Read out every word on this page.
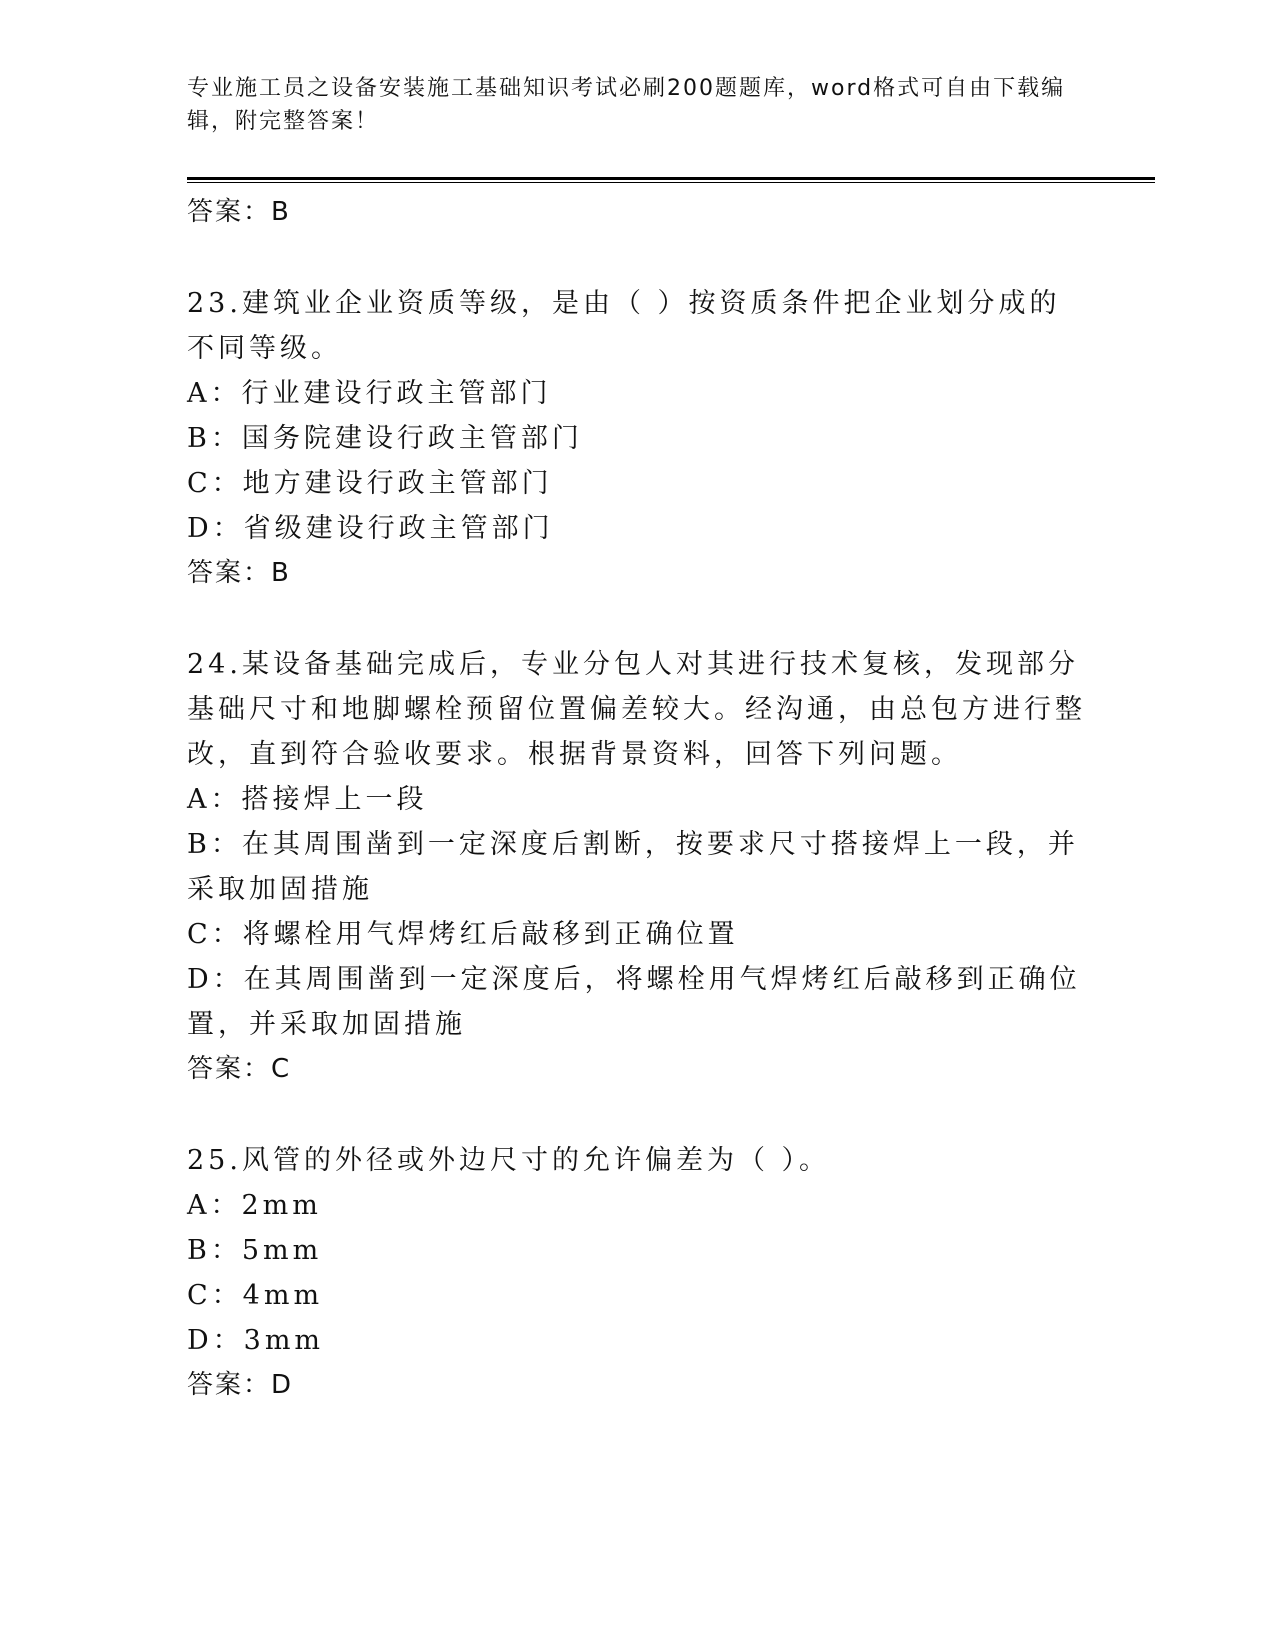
专业施工员之设备安装施工基础知识考试必刷200题题库，word格式可自由下载编辑，附完整答案！
答案：B
23.建筑业企业资质等级，是由（ ）按资质条件把企业划分成的不同等级。
A：行业建设行政主管部门
B：国务院建设行政主管部门
C：地方建设行政主管部门
D：省级建设行政主管部门
答案：B
24.某设备基础完成后，专业分包人对其进行技术复核，发现部分基础尺寸和地脚螺栓预留位置偏差较大。经沟通，由总包方进行整改，直到符合验收要求。根据背景资料，回答下列问题。
A：搭接焊上一段
B：在其周围凿到一定深度后割断，按要求尺寸搭接焊上一段，并采取加固措施
C：将螺栓用气焊烤红后敲移到正确位置
D：在其周围凿到一定深度后，将螺栓用气焊烤红后敲移到正确位置，并采取加固措施
答案：C
25.风管的外径或外边尺寸的允许偏差为（ ）。
A：2mm
B：5mm
C：4mm
D：3mm
答案：D
